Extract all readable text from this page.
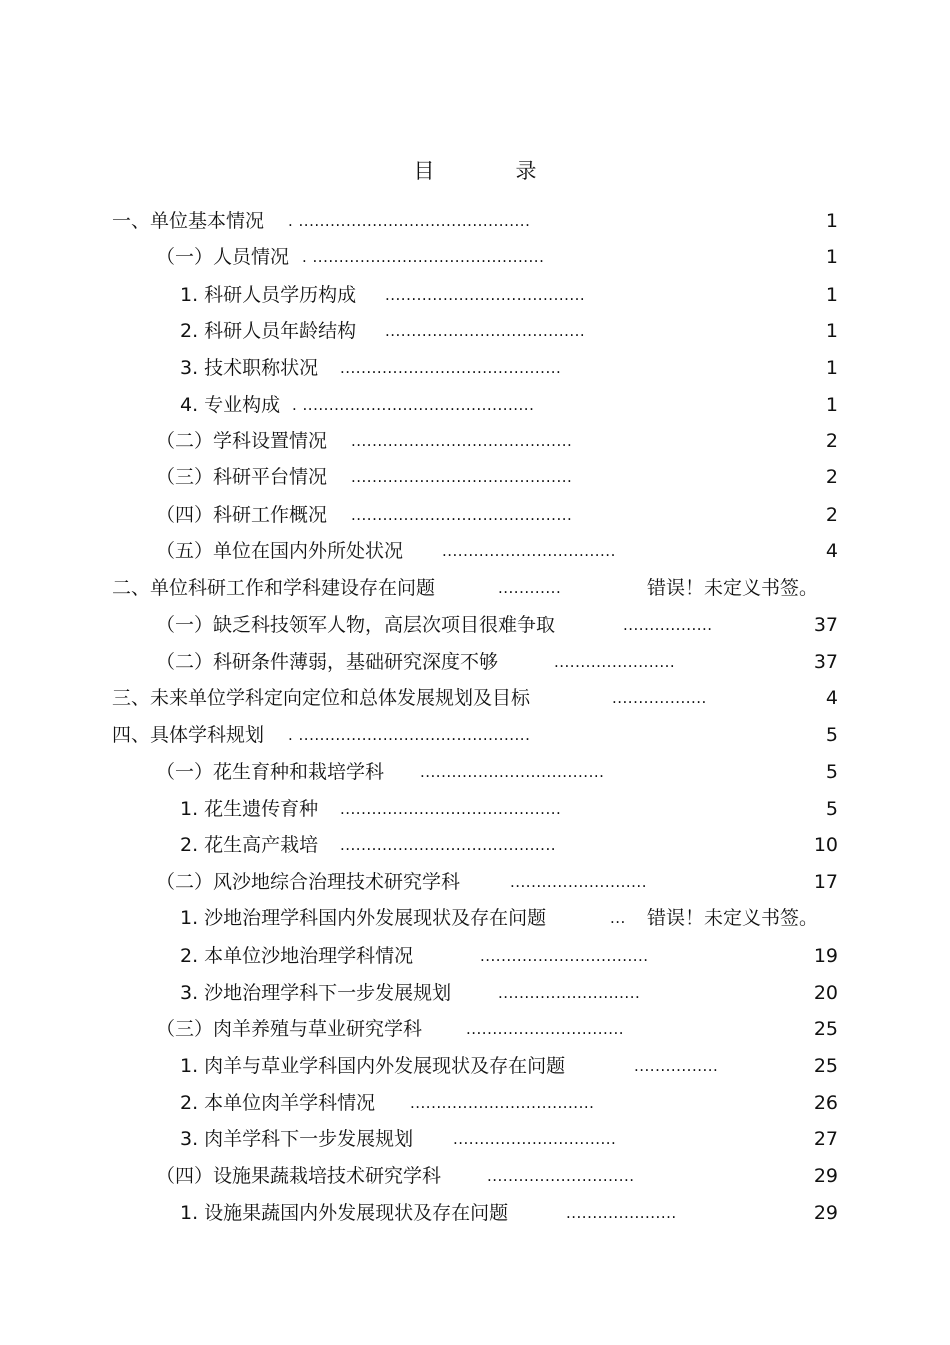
目　录
一、单位基本情况 . ............................................	1
（一）人员情况 . ............................................	1
1. 科研人员学历构成 ......................................	1
2. 科研人员年龄结构 ......................................	1
3. 技术职称状况 ..........................................	1
4. 专业构成 . ............................................	1
（二）学科设置情况 ..........................................	2
（三）科研平台情况 ..........................................	2
（四）科研工作概况 ..........................................	2
（五）单位在国内外所处状况	.................................	4
二、单位科研工作和学科建设存在问题	............	错误！未定义书签。
（一）缺乏科技领军人物，高层次项目很难争取	.................	37
（二）科研条件薄弱，基础研究深度不够	.......................	37
三、未来单位学科定向定位和总体发展规划及目标	..................	4
四、具体学科规划 . ............................................	5
（一）花生育种和栽培学科 ...................................	5
1. 花生遗传育种 ..........................................	5
2. 花生高产栽培 .........................................	10
（二）风沙地综合治理技术研究学科	..........................	17
1. 沙地治理学科国内外发展现状及存在问题	... 错误！未定义书签。
2. 本单位沙地治理学科情况	................................	19
3. 沙地治理学科下一步发展规划	...........................	20
（三）肉羊养殖与草业研究学科	..............................	25
1. 肉羊与草业学科国内外发展现状及存在问题	................	25
2. 本单位肉羊学科情况 ...................................	26
3. 肉羊学科下一步发展规划	...............................	27
（四）设施果蔬栽培技术研究学科	............................	29
1. 设施果蔬国内外发展现状及存在问题	.....................	29
